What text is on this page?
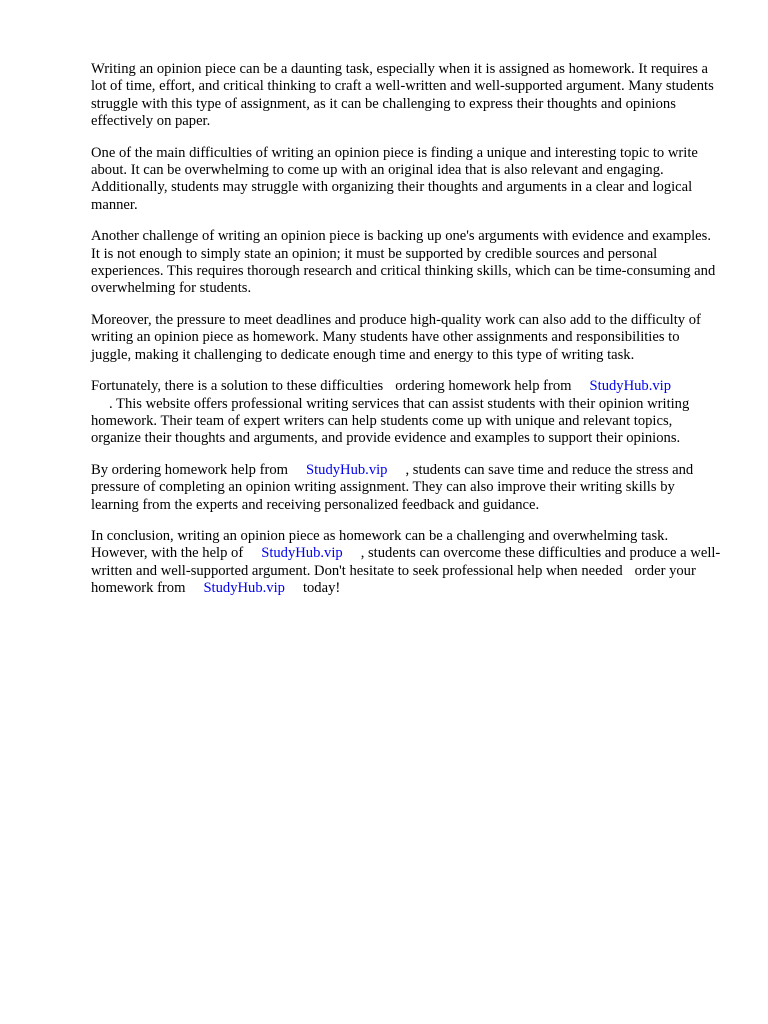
Writing an opinion piece can be a daunting task, especially when it is assigned as homework. It requires a lot of time, effort, and critical thinking to craft a well-written and well-supported argument. Many students struggle with this type of assignment, as it can be challenging to express their thoughts and opinions effectively on paper.

One of the main difficulties of writing an opinion piece is finding a unique and interesting topic to write about. It can be overwhelming to come up with an original idea that is also relevant and engaging. Additionally, students may struggle with organizing their thoughts and arguments in a clear and logical manner.

Another challenge of writing an opinion piece is backing up one's arguments with evidence and examples. It is not enough to simply state an opinion; it must be supported by credible sources and personal experiences. This requires thorough research and critical thinking skills, which can be time-consuming and overwhelming for students.

Moreover, the pressure to meet deadlines and produce high-quality work can also add to the difficulty of writing an opinion piece as homework. Many students have other assignments and responsibilities to juggle, making it challenging to dedicate enough time and energy to this type of writing task.

Fortunately, there is a solution to these difficulties ordering homework help from StudyHub.vip
. This website offers professional writing services that can assist students with their opinion writing homework. Their team of expert writers can help students come up with unique and relevant topics, organize their thoughts and arguments, and provide evidence and examples to support their opinions.

By ordering homework help from StudyHub.vip , students can save time and reduce the stress and pressure of completing an opinion writing assignment. They can also improve their writing skills by learning from the experts and receiving personalized feedback and guidance.

In conclusion, writing an opinion piece as homework can be a challenging and overwhelming task. However, with the help of StudyHub.vip , students can overcome these difficulties and produce a well-written and well-supported argument. Don't hesitate to seek professional help when needed order your homework from StudyHub.vip today!
